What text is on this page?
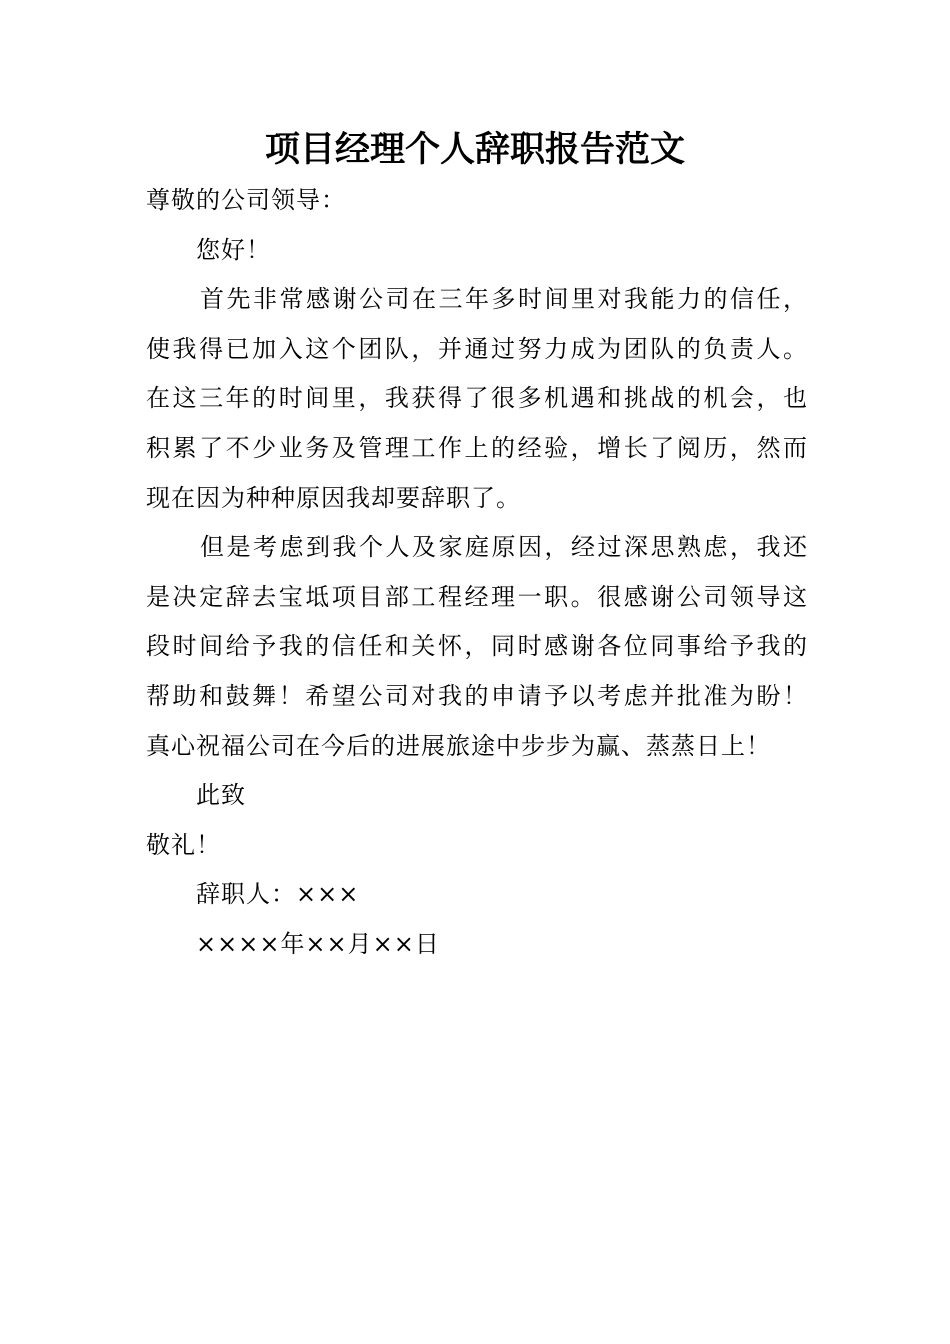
项目经理个人辞职报告范文
尊敬的公司领导：
您好！
首先非常感谢公司在三年多时间里对我能力的信任，
使我得已加入这个团队，并通过努力成为团队的负责人。
在这三年的时间里，我获得了很多机遇和挑战的机会，也
积累了不少业务及管理工作上的经验，增长了阅历，然而
现在因为种种原因我却要辞职了。
但是考虑到我个人及家庭原因，经过深思熟虑，我还
是决定辞去宝坻项目部工程经理一职。很感谢公司领导这
段时间给予我的信任和关怀，同时感谢各位同事给予我的
帮助和鼓舞！希望公司对我的申请予以考虑并批准为盼！
真心祝福公司在今后的进展旅途中步步为赢、蒸蒸日上！
此致
敬礼！
辞职人：×××
××××年××月××日
